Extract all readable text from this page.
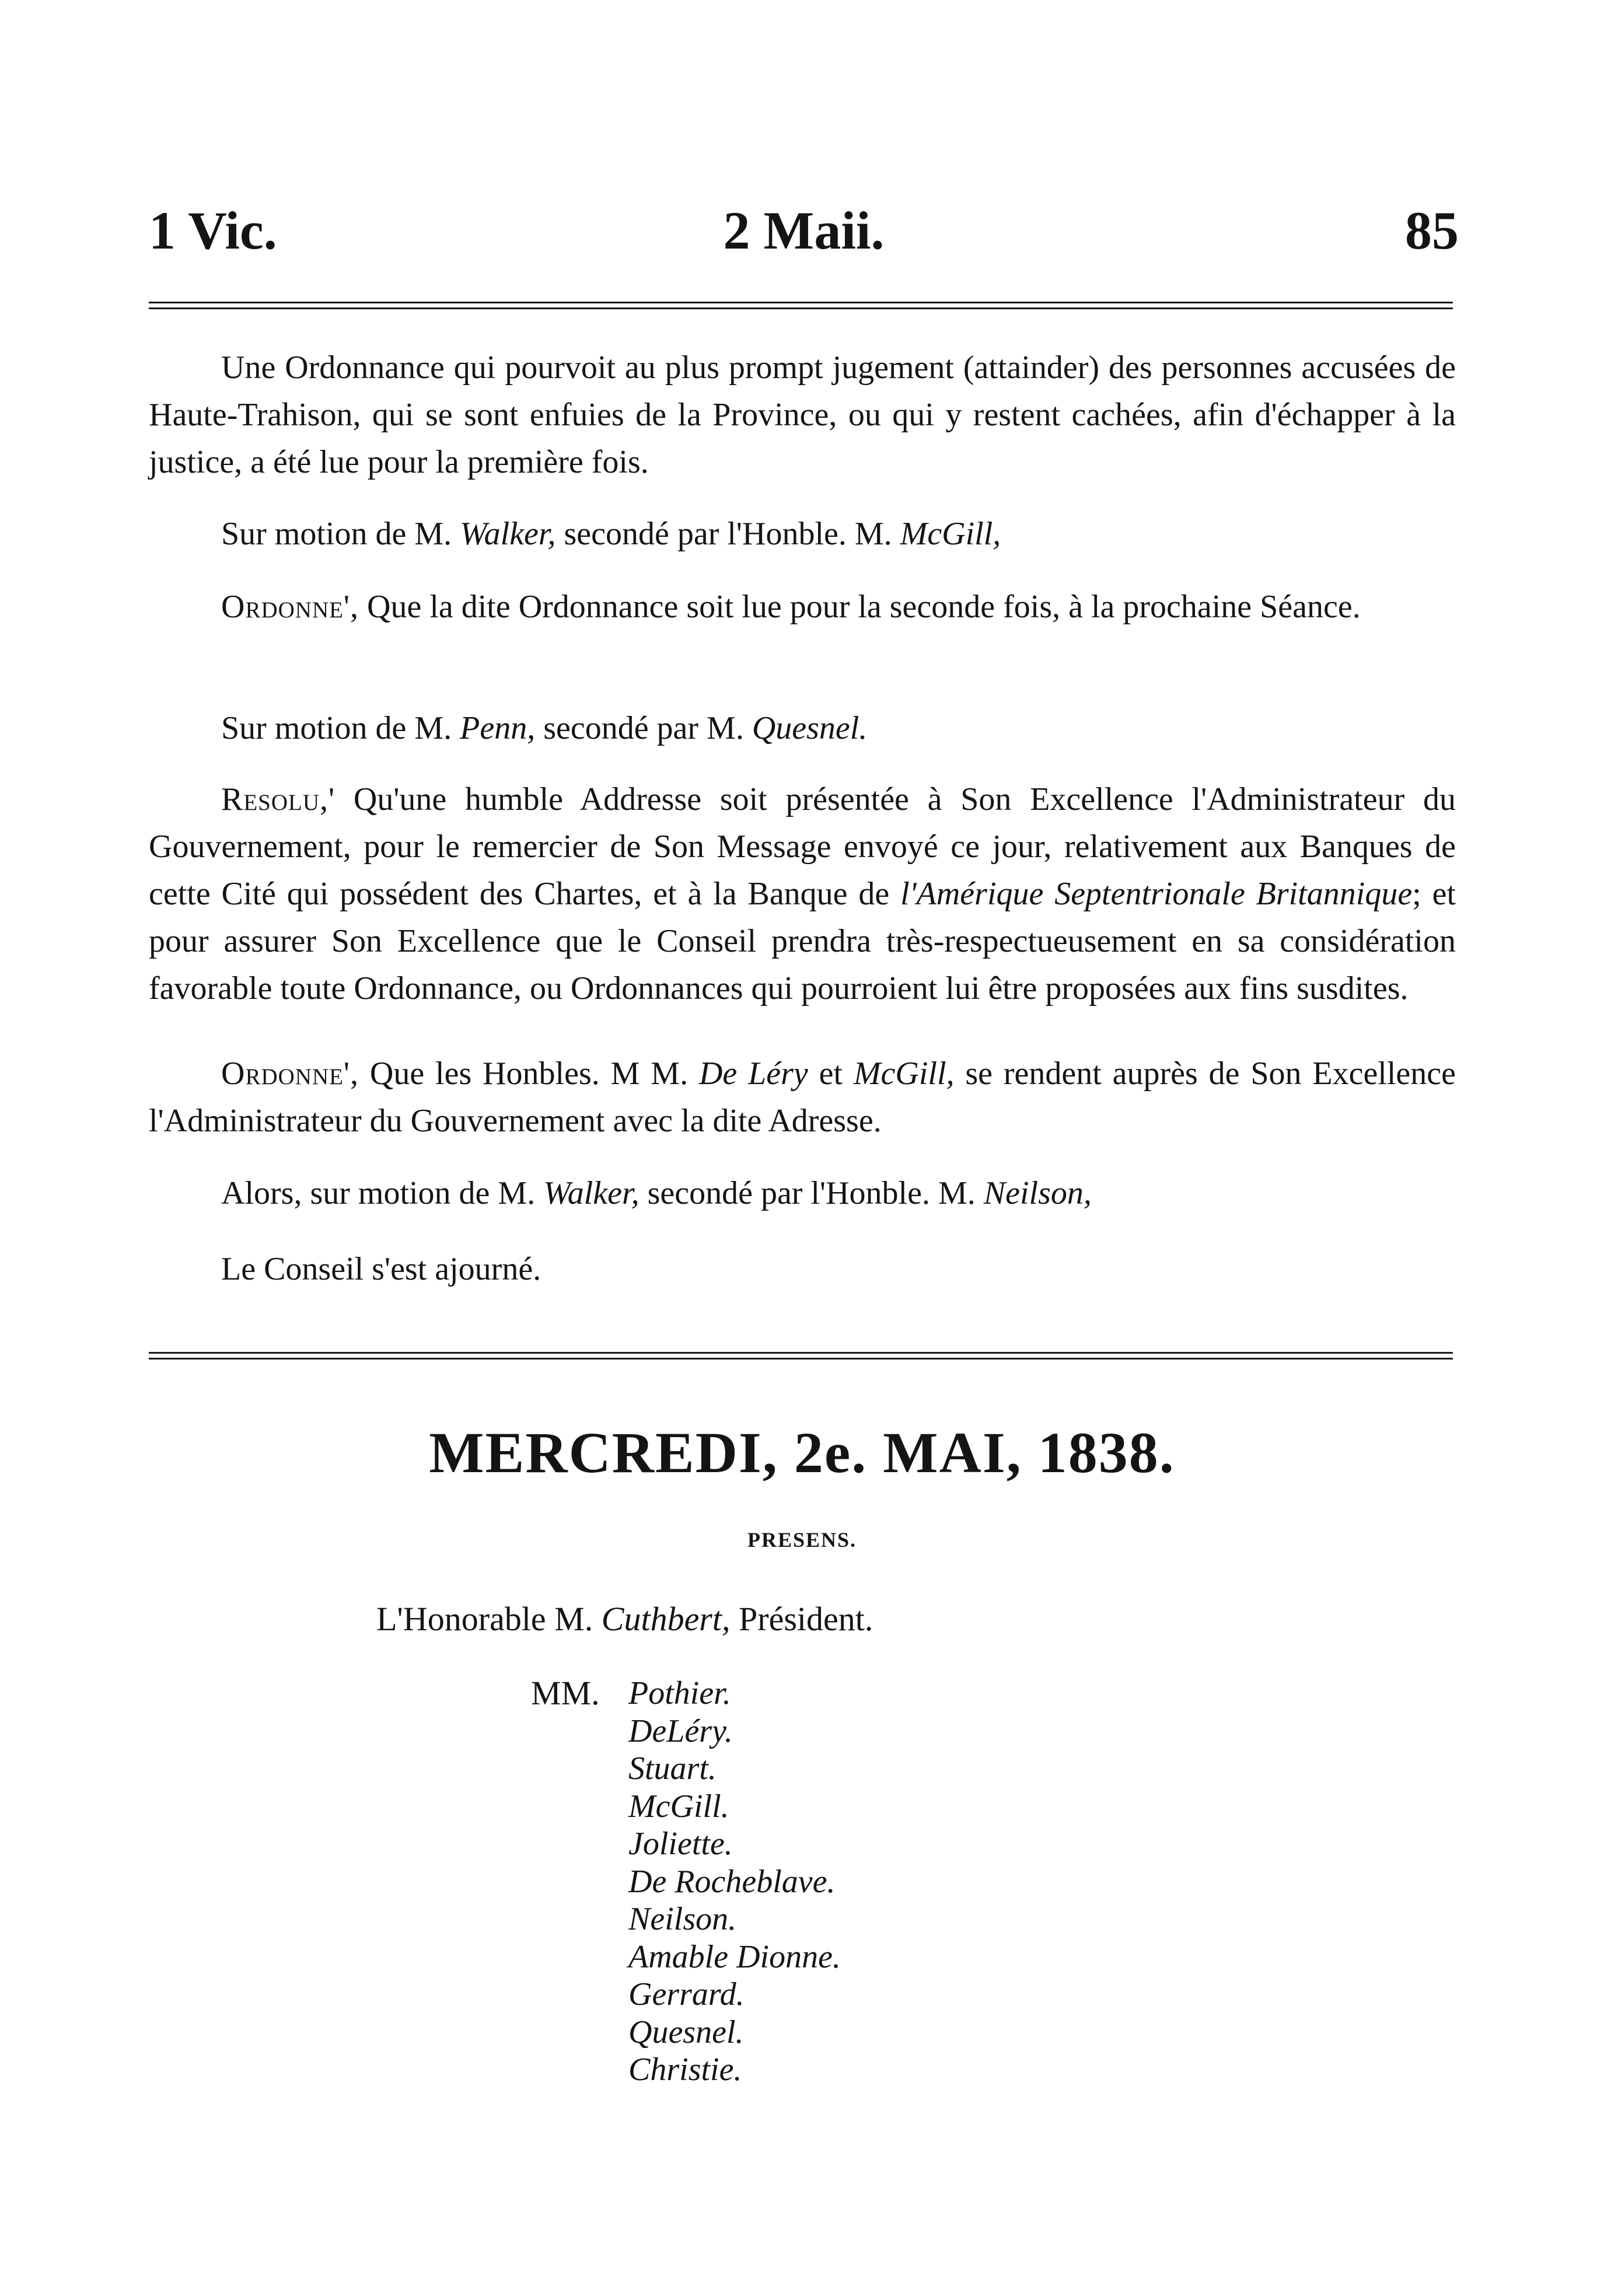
1 Vic.	2 Maii.	85

Une Ordonnance qui pourvoit au plus prompt jugement (attainder) des personnes accusées de Haute-Trahison, qui se sont enfuies de la Province, ou qui y restent cachées, afin d'échapper à la justice, a été lue pour la première fois.

Sur motion de M. Walker, secondé par l'Honble. M. McGill,

Ordonne', Que la dite Ordonnance soit lue pour la seconde fois, à la prochaine Séance.

Sur motion de M. Penn, secondé par M. Quesnel.

Resolu,' Qu'une humble Addresse soit présentée à Son Excellence l'Administrateur du Gouvernement, pour le remercier de Son Message envoyé ce jour, relativement aux Banques de cette Cité qui possédent des Chartes, et à la Banque de l'Amérique Septentrionale Britannique; et pour assurer Son Excellence que le Conseil prendra très-respectueusement en sa considération favorable toute Ordonnance, ou Ordonnances qui pourroient lui être proposées aux fins susdites.

Ordonne', Que les Honbles. M M. De Léry et McGill, se rendent auprès de Son Excellence l'Administrateur du Gouvernement avec la dite Adresse.

Alors, sur motion de M. Walker, secondé par l'Honble. M. Neilson,

Le Conseil s'est ajourné.

MERCREDI, 2e. MAI, 1838.
PRESENS.
L'Honorable M. Cuthbert, Président.
MM. Pothier.
DeLéry.
Stuart.
McGill.
Joliette.
De Rocheblave.
Neilson.
Amable Dionne.
Gerrard.
Quesnel.
Christie.
